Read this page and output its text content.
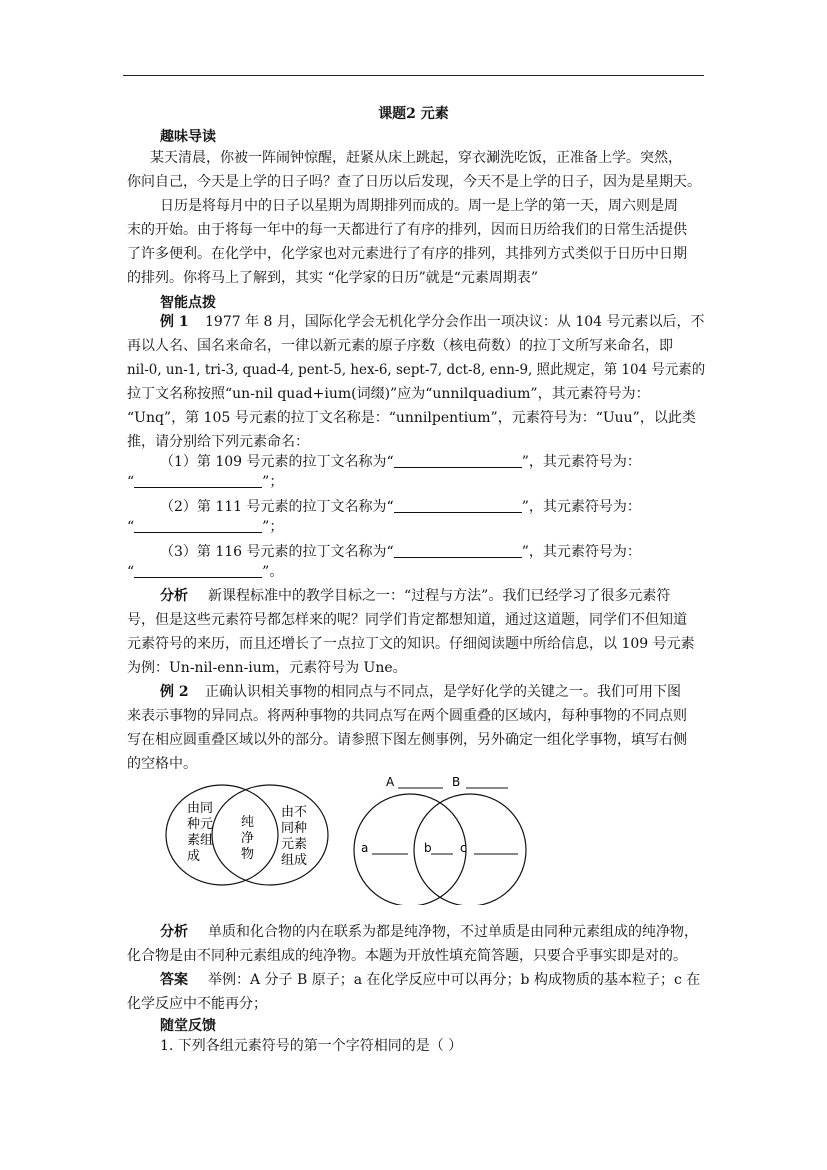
课题2 元素
趣味导读
某天清晨，你被一阵闹钟惊醒，赶紧从床上跳起，穿衣涮洗吃饭，正准备上学。突然，
你问自己，今天是上学的日子吗？查了日历以后发现，今天不是上学的日子，因为是星期天。
日历是将每月中的日子以星期为周期排列而成的。周一是上学的第一天，周六则是周
末的开始。由于将每一年中的每一天都进行了有序的排列，因而日历给我们的日常生活提供
了许多便利。在化学中，化学家也对元素进行了有序的排列，其排列方式类似于日历中日期
的排列。你将马上了解到，其实 “化学家的日历”就是“元素周期表”
智能点拨
例 1 1977 年 8 月，国际化学会无机化学分会作出一项决议：从 104 号元素以后，不
再以人名、国名来命名，一律以新元素的原子序数（核电荷数）的拉丁文所写来命名，即
nil-0, un-1, tri-3, quad-4, pent-5, hex-6, sept-7, dct-8, enn-9, 照此规定，第 104 号元素的
拉丁文名称按照“un-nil quad+ium(词缀)”应为“unnilquadium”，其元素符号为：
“Unq”，第 105 号元素的拉丁文名称是：“unnilpentium”，元素符号为：“Uuu”，以此类
推，请分别给下列元素命名：
（1）第 109 号元素的拉丁文名称为“	”，其元素符号为：
“	”；
（2）第 111 号元素的拉丁文名称为“	”，其元素符号为：
“	”；
（3）第 116 号元素的拉丁文名称为“	”，其元素符号为：
“	”。
分析 新课程标准中的教学目标之一：“过程与方法”。我们已经学习了很多元素符
号，但是这些元素符号都怎样来的呢？同学们肯定都想知道，通过这道题，同学们不但知道
元素符号的来历，而且还增长了一点拉丁文的知识。仔细阅读题中所给信息，以 109 号元素
为例：Un-nil-enn-ium，元素符号为 Une。
例 2 正确认识相关事物的相同点与不同点，是学好化学的关键之一。我们可用下图
来表示事物的异同点。将两种事物的共同点写在两个圆重叠的区域内，每种事物的不同点则
写在相应圆重叠区域以外的部分。请参照下图左侧事例，另外确定一组化学事物，填写右侧
的空格中。
由同
种元
素组
成
纯
净
物
由不
同种
元素
组成
A	B
a	b c
分析 单质和化合物的内在联系为都是纯净物，不过单质是由同种元素组成的纯净物，
化合物是由不同种元素组成的纯净物。本题为开放性填充简答题，只要合乎事实即是对的。
答案 举例：A 分子 B 原子；a 在化学反应中可以再分；b 构成物质的基本粒子；c 在
化学反应中不能再分；
随堂反馈
1. 下列各组元素符号的第一个字符相同的是（ ）
